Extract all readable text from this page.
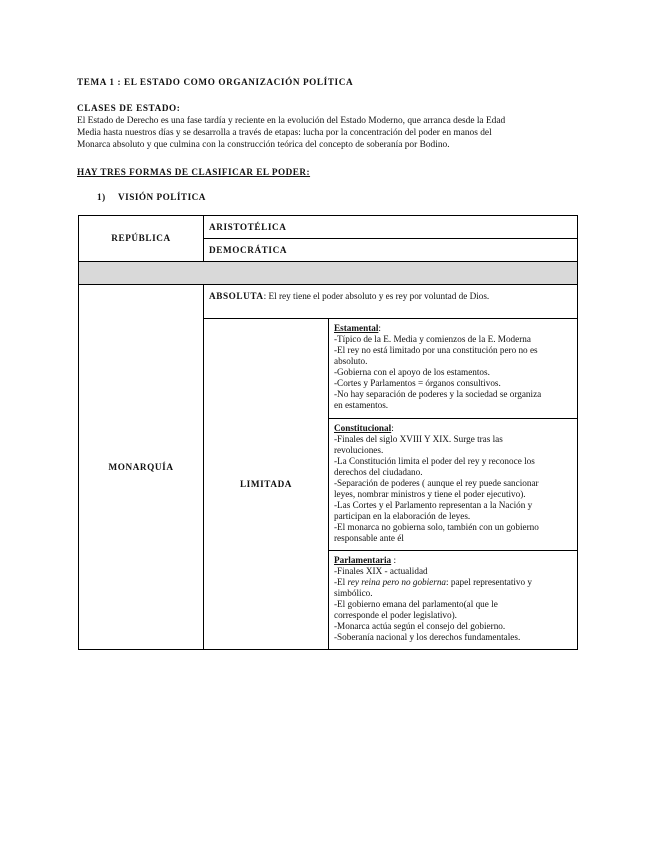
TEMA 1 : EL ESTADO COMO ORGANIZACIÓN POLÍTICA
CLASES DE ESTADO:
El Estado de Derecho es una fase tardía y reciente en la evolución del Estado Moderno, que arranca desde la Edad
Media hasta nuestros días y se desarrolla a través de etapas: lucha por la concentración del poder en manos del
Monarca absoluto y que culmina con la construcción teórica del concepto de soberanía por Bodino.
HAY TRES FORMAS DE CLASIFICAR EL PODER:
1) VISIÓN POLÍTICA
REPÚBLICA
ARISTOTÉLICA
DEMOCRÁTICA
MONARQUÍA
ABSOLUTA: El rey tiene el poder absoluto y es rey por voluntad de Dios.
LIMITADA
Estamental:
-Típico de la E. Media y comienzos de la E. Moderna
-El rey no está limitado por una constitución pero no es
absoluto.
-Gobierna con el apoyo de los estamentos.
-Cortes y Parlamentos = órganos consultivos.
-No hay separación de poderes y la sociedad se organiza
en estamentos.
Constitucional:
-Finales del siglo XVIII Y XIX. Surge tras las
revoluciones.
-La Constitución limita el poder del rey y reconoce los
derechos del ciudadano.
-Separación de poderes ( aunque el rey puede sancionar
leyes, nombrar ministros y tiene el poder ejecutivo).
-Las Cortes y el Parlamento representan a la Nación y
participan en la elaboración de leyes.
-El monarca no gobierna solo, también con un gobierno
responsable ante él
Parlamentaria :
-Finales XIX - actualidad
-El rey reina pero no gobierna: papel representativo y
simbólico.
-El gobierno emana del parlamento(al que le
corresponde el poder legislativo).
-Monarca actúa según el consejo del gobierno.
-Soberanía nacional y los derechos fundamentales.
